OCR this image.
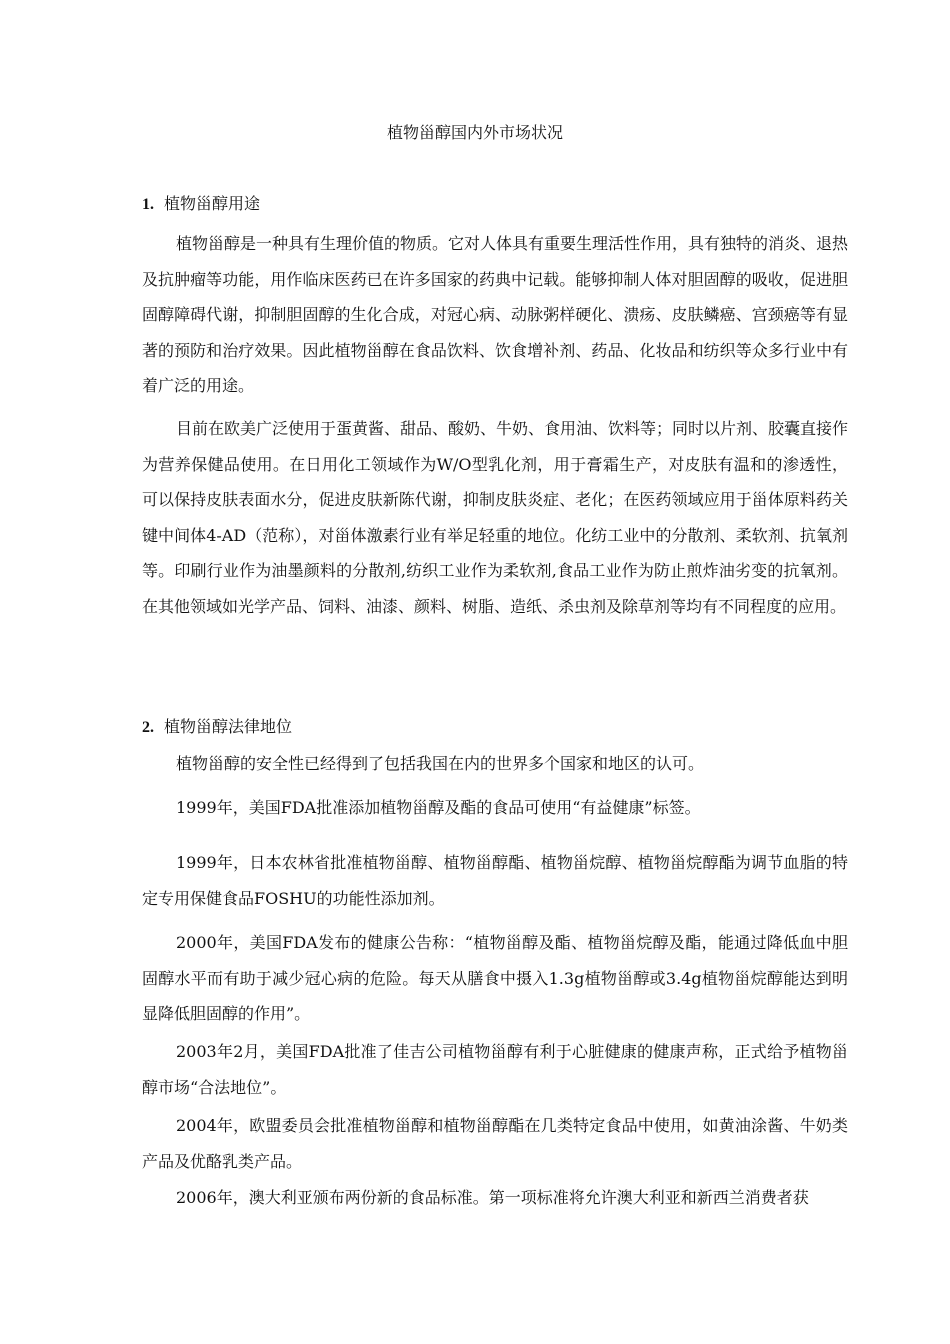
植物甾醇国内外市场状况
1. 植物甾醇用途

植物甾醇是一种具有生理价值的物质。它对人体具有重要生理活性作用，具有独特的消炎、退热及抗肿瘤等功能，用作临床医药已在许多国家的药典中记载。能够抑制人体对胆固醇的吸收，促进胆固醇障碍代谢，抑制胆固醇的生化合成，对冠心病、动脉粥样硬化、溃疡、皮肤鳞癌、宫颈癌等有显著的预防和治疗效果。因此植物甾醇在食品饮料、饮食增补剂、药品、化妆品和纺织等众多行业中有着广泛的用途。

目前在欧美广泛使用于蛋黄酱、甜品、酸奶、牛奶、食用油、饮料等；同时以片剂、胶囊直接作为营养保健品使用。在日用化工领域作为W/O型乳化剂，用于膏霜生产，对皮肤有温和的渗透性，可以保持皮肤表面水分，促进皮肤新陈代谢，抑制皮肤炎症、老化；在医药领域应用于甾体原料药关键中间体4-AD（范称），对甾体激素行业有举足轻重的地位。化纺工业中的分散剂、柔软剂、抗氧剂等。印刷行业作为油墨颜料的分散剂,纺织工业作为柔软剂,食品工业作为防止煎炸油劣变的抗氧剂。在其他领域如光学产品、饲料、油漆、颜料、树脂、造纸、杀虫剂及除草剂等均有不同程度的应用。

2. 植物甾醇法律地位

植物甾醇的安全性已经得到了包括我国在内的世界多个国家和地区的认可。

1999年，美国FDA批准添加植物甾醇及酯的食品可使用“有益健康”标签。

1999年，日本农林省批准植物甾醇、植物甾醇酯、植物甾烷醇、植物甾烷醇酯为调节血脂的特定专用保健食品FOSHU的功能性添加剂。

2000年，美国FDA发布的健康公告称：“植物甾醇及酯、植物甾烷醇及酯，能通过降低血中胆固醇水平而有助于减少冠心病的危险。每天从膳食中摄入1.3g植物甾醇或3.4g植物甾烷醇能达到明显降低胆固醇的作用”。

2003年2月，美国FDA批准了佳吉公司植物甾醇有利于心脏健康的健康声称，正式给予植物甾醇市场“合法地位”。

2004年，欧盟委员会批准植物甾醇和植物甾醇酯在几类特定食品中使用，如黄油涂酱、牛奶类产品及优酪乳类产品。

2006年，澳大利亚颁布两份新的食品标准。第一项标准将允许澳大利亚和新西兰消费者获
